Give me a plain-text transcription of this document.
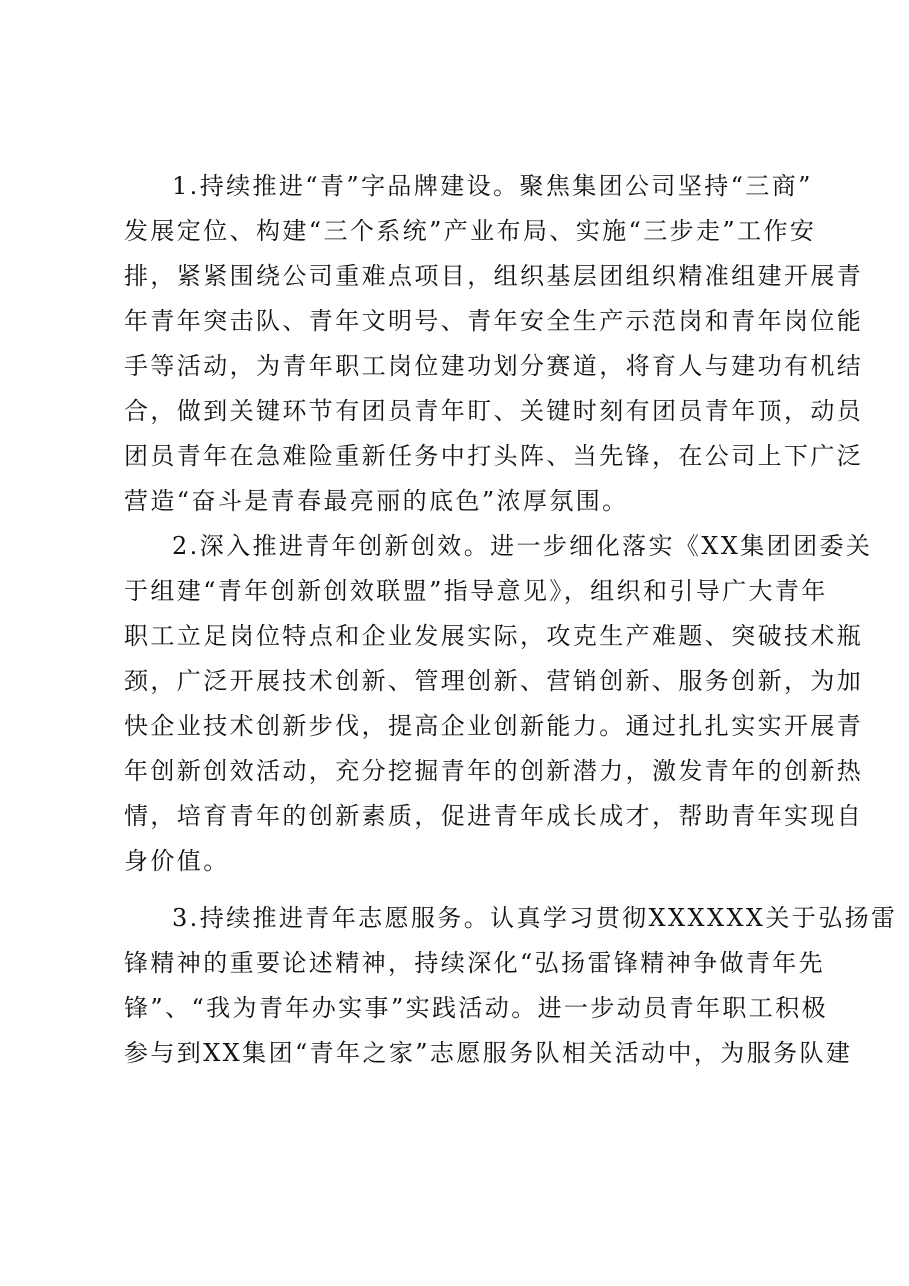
1.持续推进“青”字品牌建设。聚焦集团公司坚持“三商”
发展定位、构建“三个系统”产业布局、实施“三步走”工作安
排，紧紧围绕公司重难点项目，组织基层团组织精准组建开展青
年青年突击队、青年文明号、青年安全生产示范岗和青年岗位能
手等活动，为青年职工岗位建功划分赛道，将育人与建功有机结
合，做到关键环节有团员青年盯、关键时刻有团员青年顶，动员
团员青年在急难险重新任务中打头阵、当先锋，在公司上下广泛
营造“奋斗是青春最亮丽的底色”浓厚氛围。
2.深入推进青年创新创效。进一步细化落实《XX集团团委关
于组建“青年创新创效联盟”指导意见》，组织和引导广大青年
职工立足岗位特点和企业发展实际，攻克生产难题、突破技术瓶
颈，广泛开展技术创新、管理创新、营销创新、服务创新，为加
快企业技术创新步伐，提高企业创新能力。通过扎扎实实开展青
年创新创效活动，充分挖掘青年的创新潜力，激发青年的创新热
情，培育青年的创新素质，促进青年成长成才，帮助青年实现自
身价值。
3.持续推进青年志愿服务。认真学习贯彻XXXXXX关于弘扬雷
锋精神的重要论述精神，持续深化“弘扬雷锋精神争做青年先
锋”、“我为青年办实事”实践活动。进一步动员青年职工积极
参与到XX集团“青年之家”志愿服务队相关活动中，为服务队建
